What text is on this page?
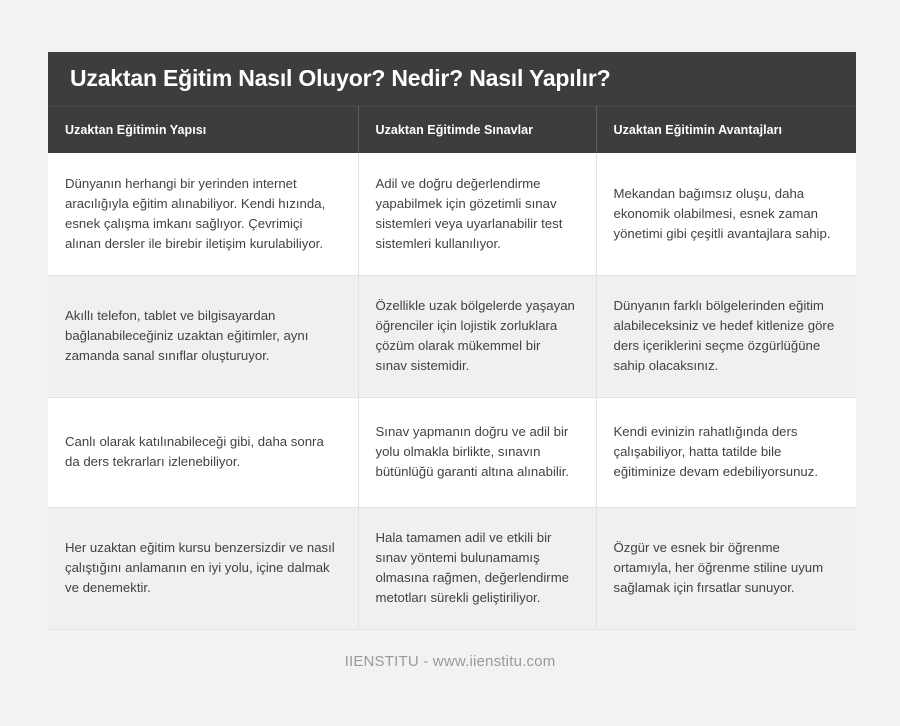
Uzaktan Eğitim Nasıl Oluyor? Nedir? Nasıl Yapılır?
Uzaktan Eğitimin Yapısı	Uzaktan Eğitimde Sınavlar	Uzaktan Eğitimin Avantajları
Dünyanın herhangi bir yerinden internet aracılığıyla eğitim alınabiliyor. Kendi hızında, esnek çalışma imkanı sağlıyor. Çevrimiçi alınan dersler ile birebir iletişim kurulabiliyor.	Adil ve doğru değerlendirme yapabilmek için gözetimli sınav sistemleri veya uyarlanabilir test sistemleri kullanılıyor.	Mekandan bağımsız oluşu, daha ekonomik olabilmesi, esnek zaman yönetimi gibi çeşitli avantajlara sahip.
Akıllı telefon, tablet ve bilgisayardan bağlanabileceğiniz uzaktan eğitimler, aynı zamanda sanal sınıflar oluşturuyor.	Özellikle uzak bölgelerde yaşayan öğrenciler için lojistik zorluklara çözüm olarak mükemmel bir sınav sistemidir.	Dünyanın farklı bölgelerinden eğitim alabileceksiniz ve hedef kitlenize göre ders içeriklerini seçme özgürlüğüne sahip olacaksınız.
Canlı olarak katılınabileceği gibi, daha sonra da ders tekrarları izlenebiliyor.	Sınav yapmanın doğru ve adil bir yolu olmakla birlikte, sınavın bütünlüğü garanti altına alınabilir.	Kendi evinizin rahatlığında ders çalışabiliyor, hatta tatilde bile eğitiminize devam edebiliyorsunuz.
Her uzaktan eğitim kursu benzersizdir ve nasıl çalıştığını anlamanın en iyi yolu, içine dalmak ve denemektir.	Hala tamamen adil ve etkili bir sınav yöntemi bulunamamış olmasına rağmen, değerlendirme metotları sürekli geliştiriliyor.	Özgür ve esnek bir öğrenme ortamıyla, her öğrenme stiline uyum sağlamak için fırsatlar sunuyor.
IIENSTITU - www.iienstitu.com
